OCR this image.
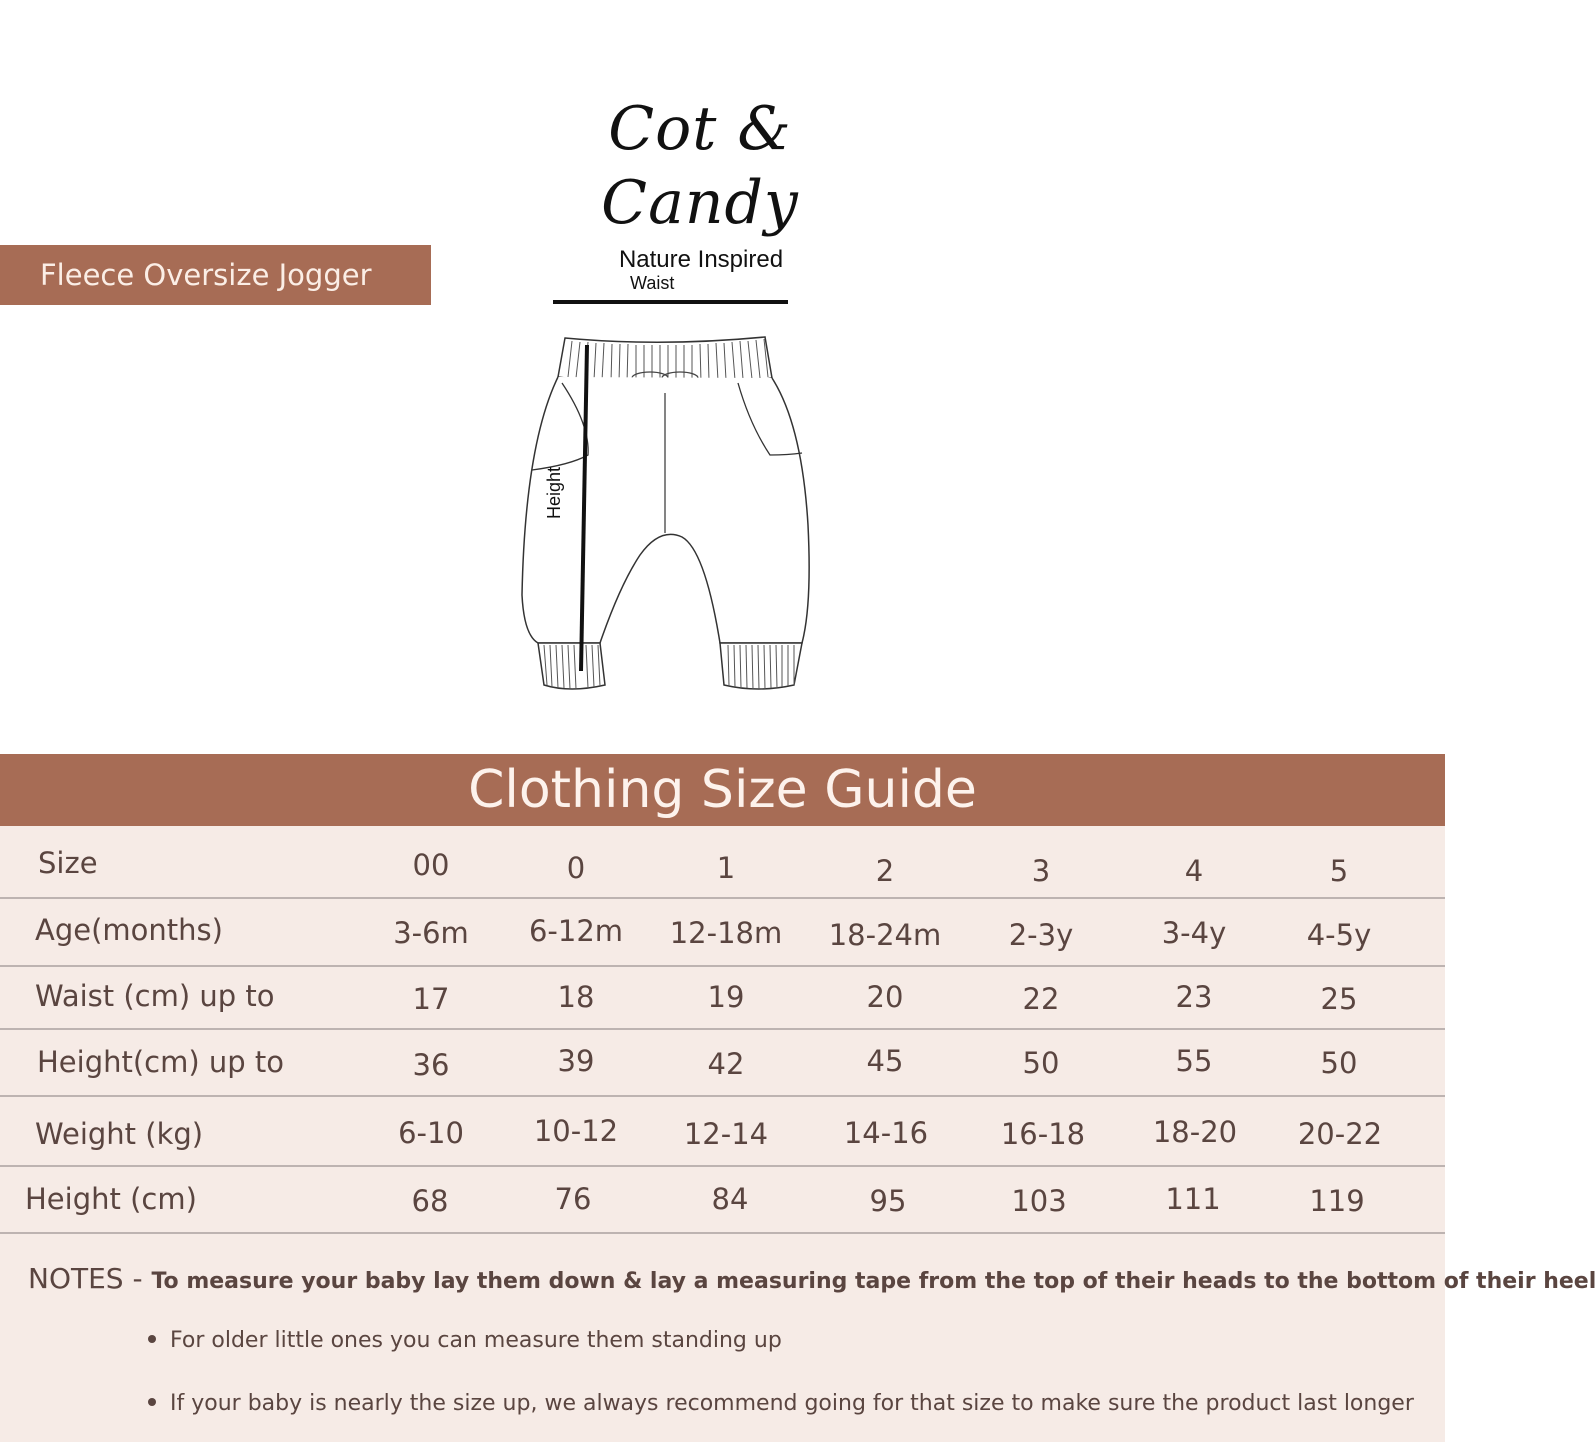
Cot & Candy
Nature Inspired
Fleece Oversize Jogger	Waist
Height
Clothing Size Guide
Size	00	0	1	2	3	4	5
Age(months)	3-6m	6-12m	12-18m	18-24m	2-3y	3-4y	4-5y
Waist (cm) up to	17	18	19	20	22	23	25
Height(cm) up to	36	39	42	45	50	55	50
Weight (kg)	6-10	10-12	12-14	14-16	16-18	18-20	20-22
Height (cm)	68	76	84	95	103	111	119
NOTES - To measure your baby lay them down & lay a measuring tape from the top of their heads to the bottom of their heel
For older little ones you can measure them standing up
If your baby is nearly the size up, we always recommend going for that size to make sure the product last longer
